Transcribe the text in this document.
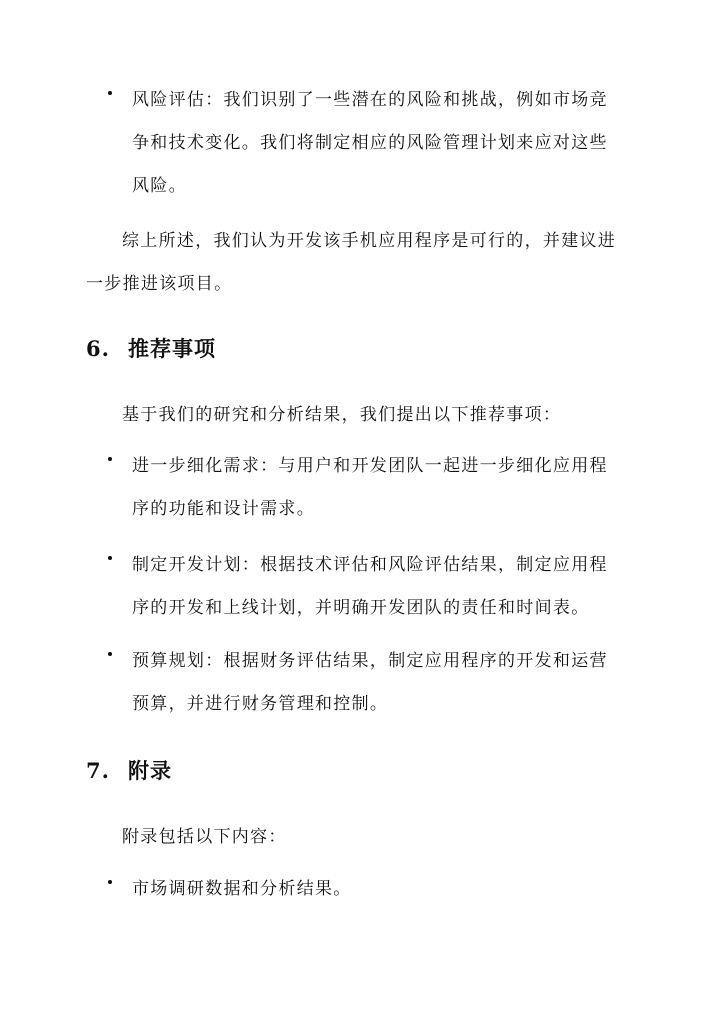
风险评估：我们识别了一些潜在的风险和挑战，例如市场竞争和技术变化。我们将制定相应的风险管理计划来应对这些风险。
综上所述，我们认为开发该手机应用程序是可行的，并建议进一步推进该项目。
6. 推荐事项
基于我们的研究和分析结果，我们提出以下推荐事项：
进一步细化需求：与用户和开发团队一起进一步细化应用程序的功能和设计需求。
制定开发计划：根据技术评估和风险评估结果，制定应用程序的开发和上线计划，并明确开发团队的责任和时间表。
预算规划：根据财务评估结果，制定应用程序的开发和运营预算，并进行财务管理和控制。
7. 附录
附录包括以下内容：
市场调研数据和分析结果。
